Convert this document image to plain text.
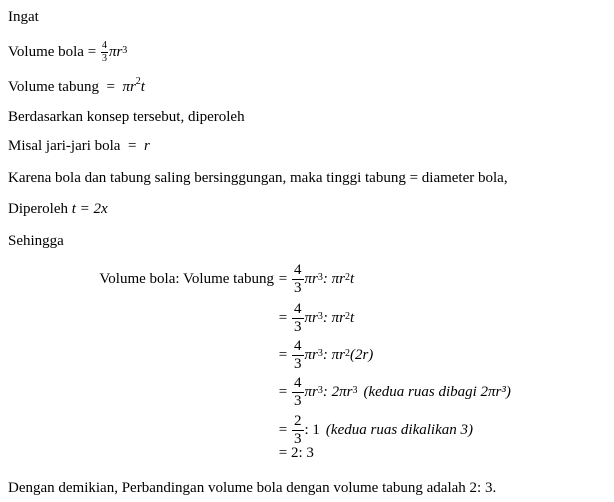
Ingat
Volume bola = $\frac{4}{3} \pi r^3$
Volume tabung  =  $\pi r^2t$
Berdasarkan konsep tersebut, diperoleh
Misal jari-jari bola  =  r
Karena bola dan tabung saling bersinggungan, maka tinggi tabung = diameter bola,
Diperoleh t = 2x
Sehingga
Volume bola: Volume tabung = $\frac{4}{3} \pi r^3$ : $\pi r^2$ t
= $\frac{4}{3} \pi r^3$ : $\pi r^2$ t
= $\frac{4}{3} \pi r^3$ : $\pi r^2$ (2r)
= $\frac{4}{3} \pi r^3$ : $2\pi r^3$ (kedua ruas dibagi 2πr³)
= $\frac{2}{3}$ : 1 (kedua ruas dikalikan 3)
= 2: 3
Dengan demikian, Perbandingan volume bola dengan volume tabung adalah 2: 3.
